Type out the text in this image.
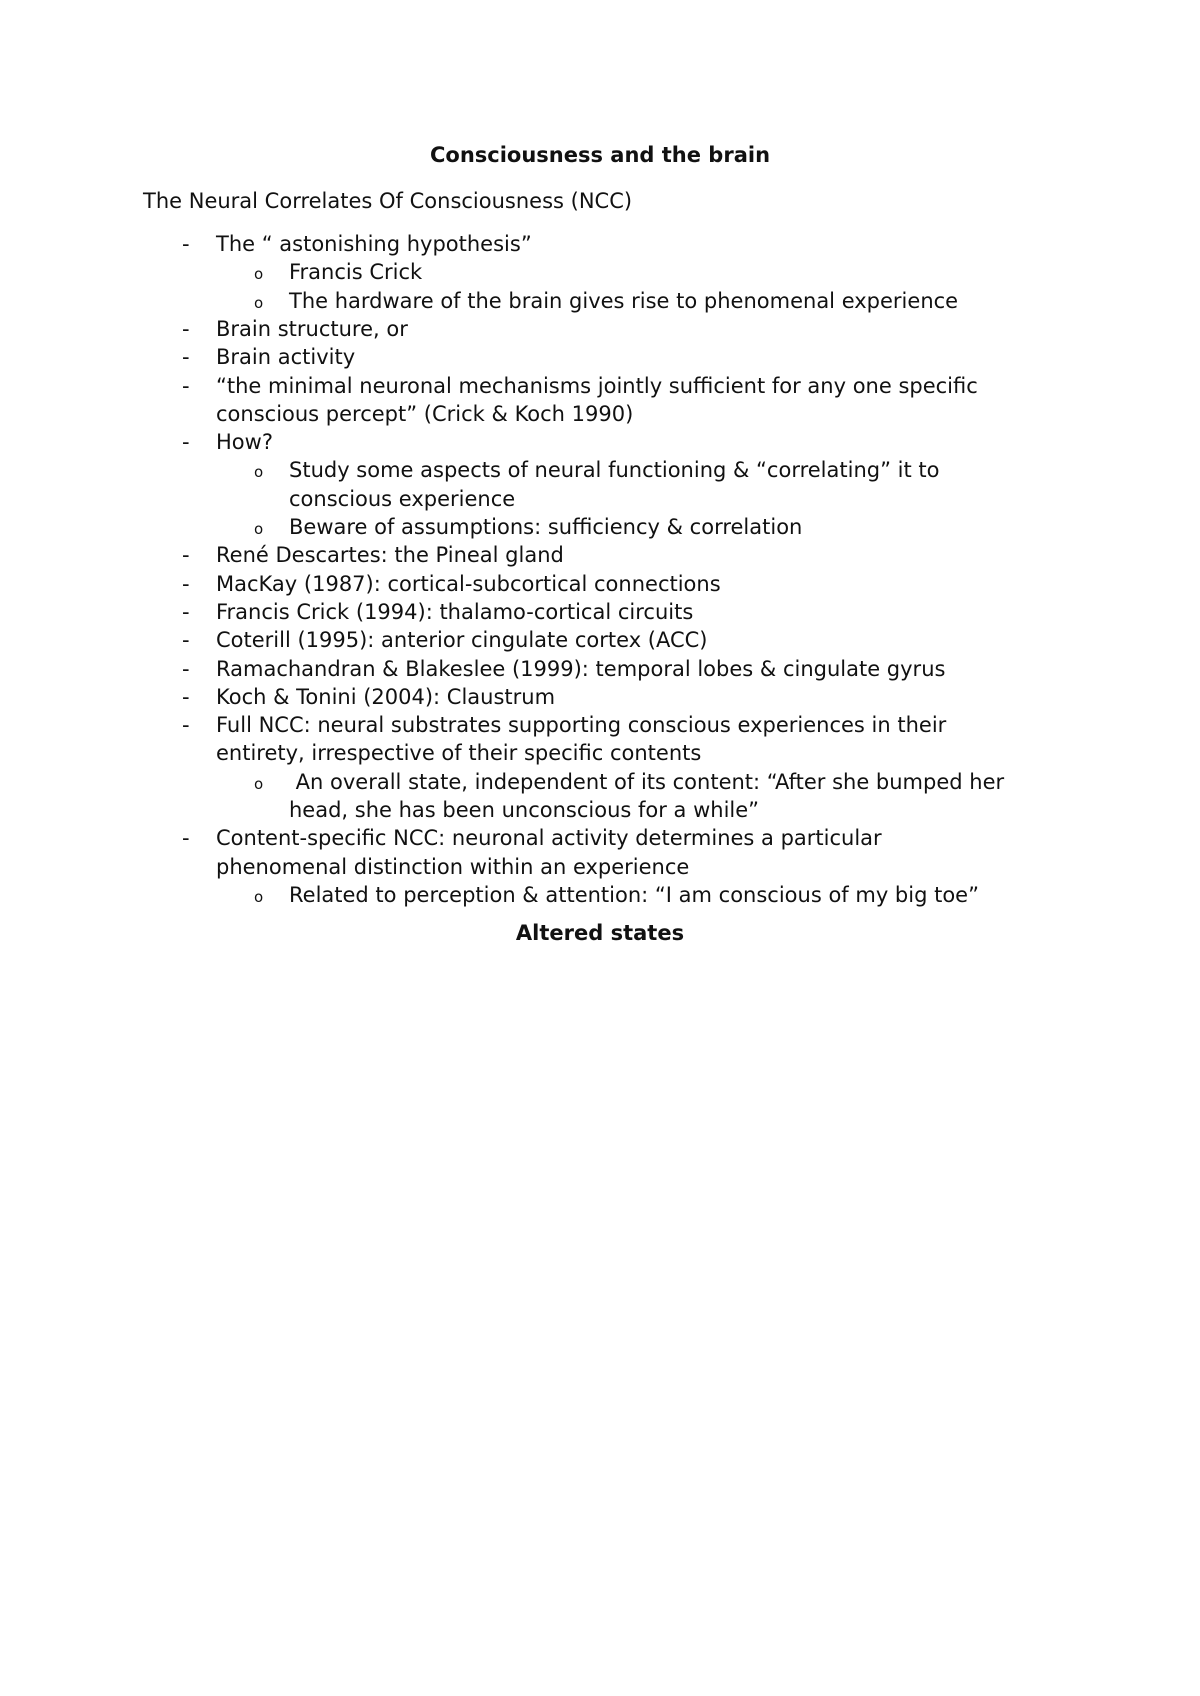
Consciousness and the brain
The Neural Correlates Of Consciousness (NCC)
- The “ astonishing hypothesis”
o Francis Crick
o The hardware of the brain gives rise to phenomenal experience
- Brain structure, or
- Brain activity
- “the minimal neuronal mechanisms jointly sufficient for any one specific
conscious percept” (Crick & Koch 1990)
- How?
o Study some aspects of neural functioning & “correlating” it to
conscious experience
o Beware of assumptions: sufficiency & correlation
- René Descartes: the Pineal gland
- MacKay (1987): cortical-subcortical connections
- Francis Crick (1994): thalamo-cortical circuits
- Coterill (1995): anterior cingulate cortex (ACC)
- Ramachandran & Blakeslee (1999): temporal lobes & cingulate gyrus
- Koch & Tonini (2004): Claustrum
- Full NCC: neural substrates supporting conscious experiences in their
entirety, irrespective of their specific contents
o An overall state, independent of its content: “After she bumped her
head, she has been unconscious for a while”
- Content-specific NCC: neuronal activity determines a particular
phenomenal distinction within an experience
o Related to perception & attention: “I am conscious of my big toe”
Altered states
